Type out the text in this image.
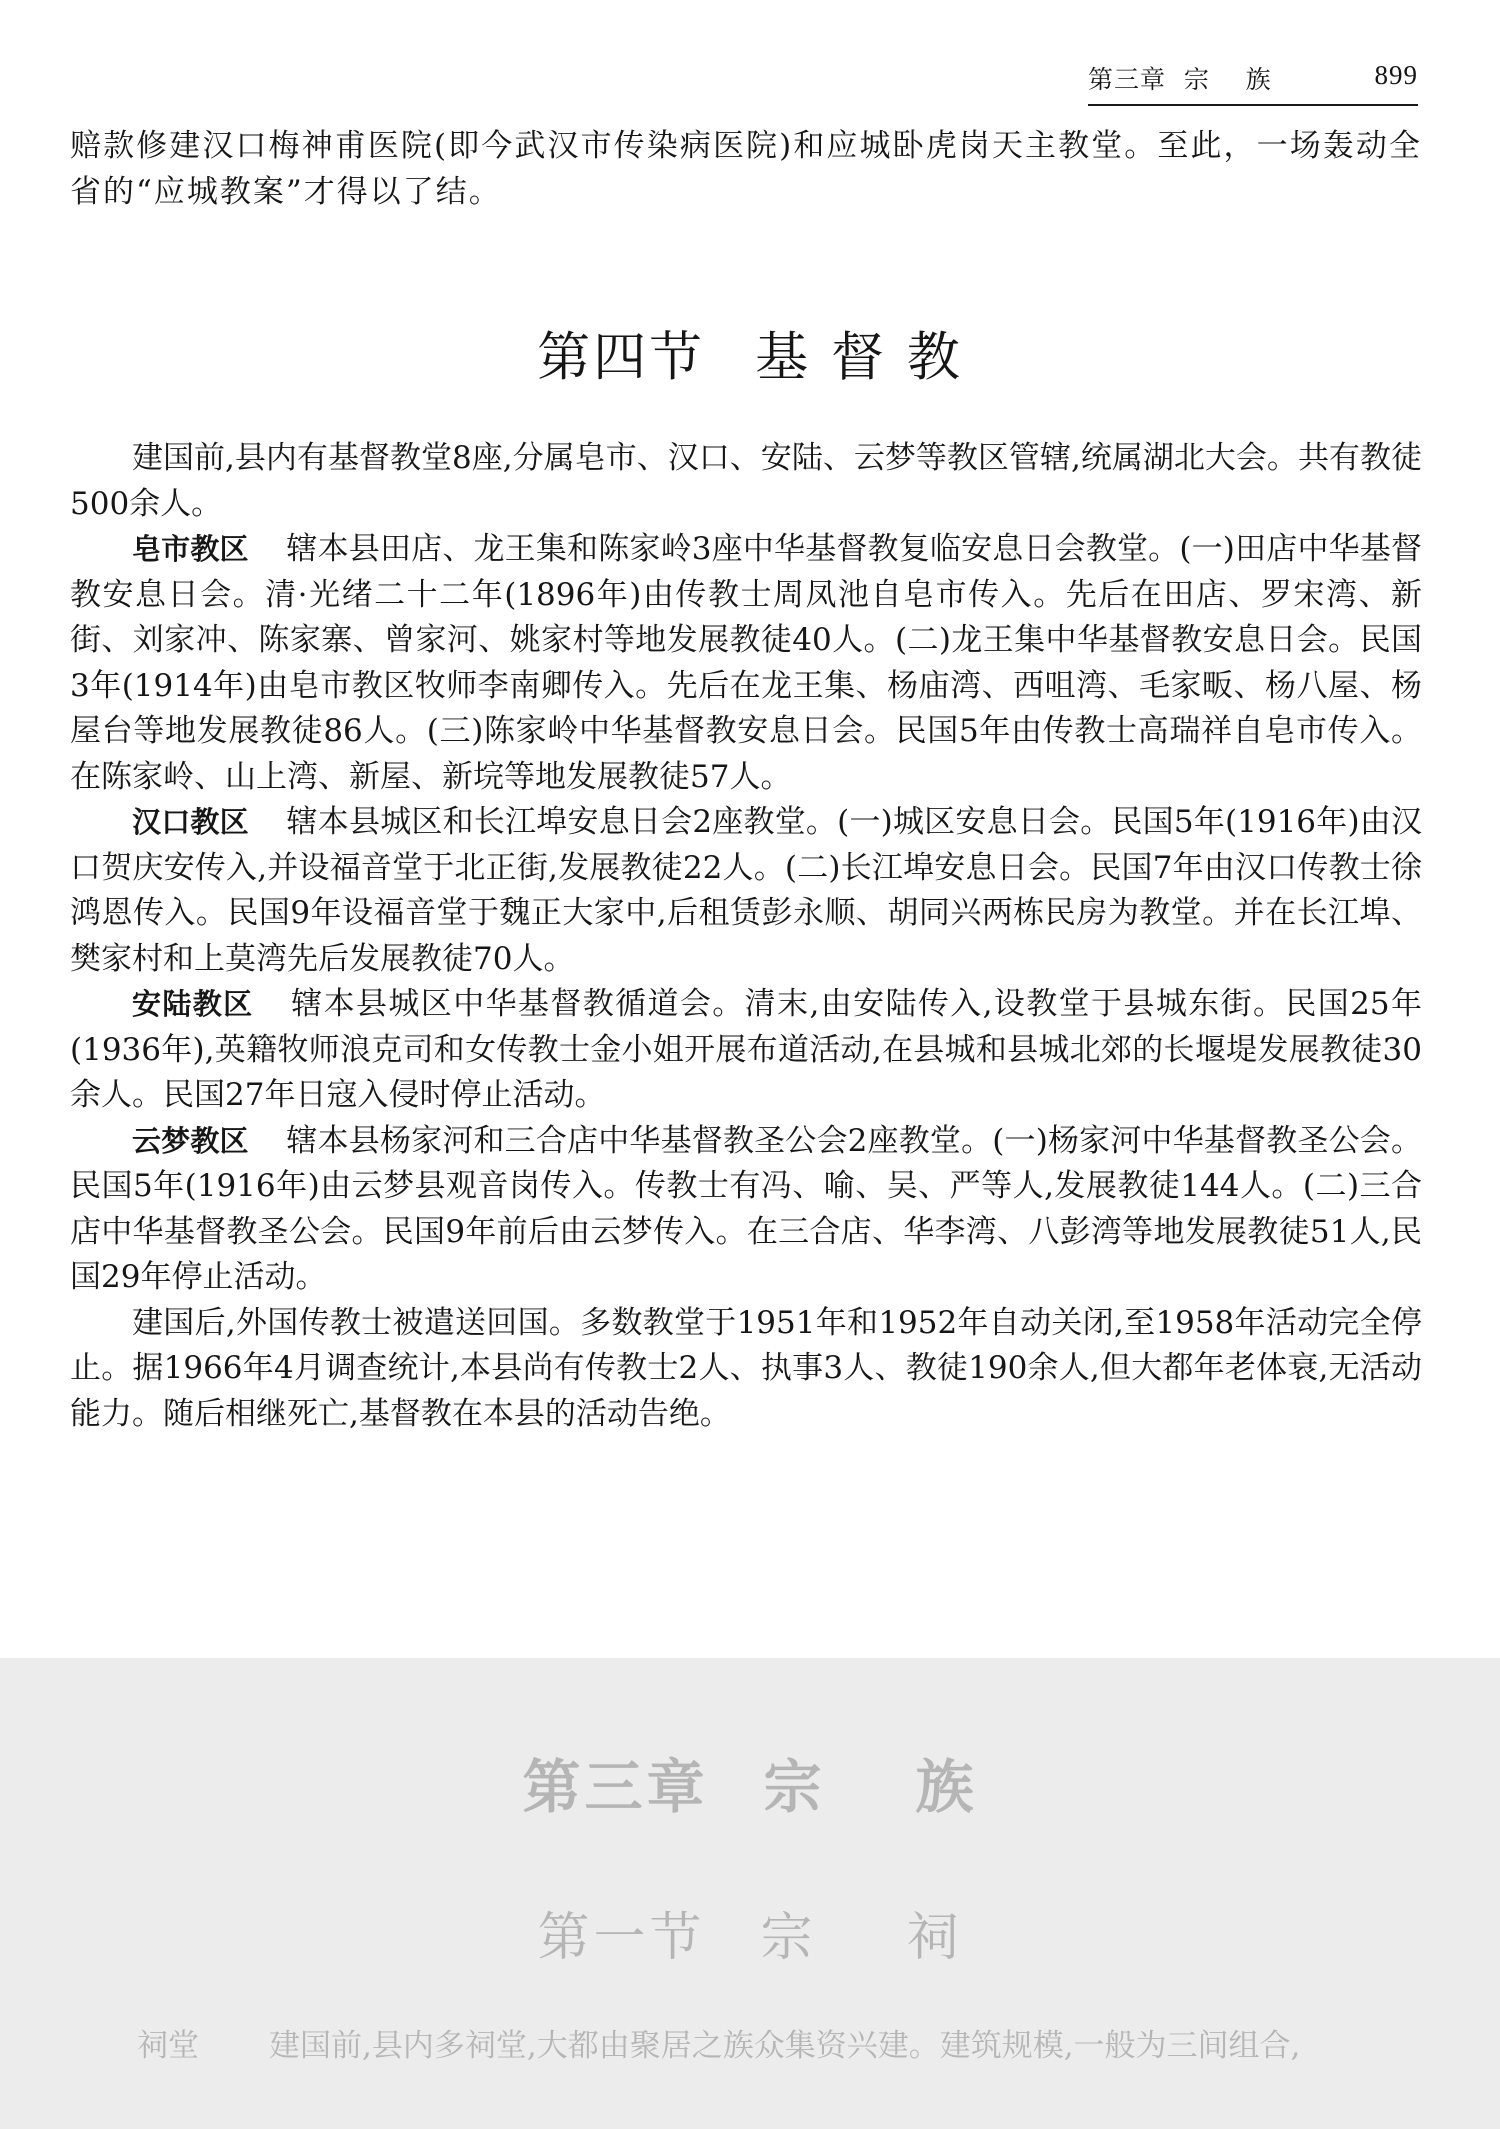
第三章  宗    族	899

赔款修建汉口梅神甫医院(即今武汉市传染病医院)和应城卧虎岗天主教堂。至此，一场轰动全省的“应城教案”才得以了结。

第四节 基 督 教

建国前,县内有基督教堂8座,分属皂市、汉口、安陆、云梦等教区管辖,统属湖北大会。共有教徒500余人。

皂市教区 辖本县田店、龙王集和陈家岭3座中华基督教复临安息日会教堂。(一)田店中华基督教安息日会。清·光绪二十二年(1896年)由传教士周凤池自皂市传入。先后在田店、罗宋湾、新街、刘家冲、陈家寨、曾家河、姚家村等地发展教徒40人。(二)龙王集中华基督教安息日会。民国3年(1914年)由皂市教区牧师李南卿传入。先后在龙王集、杨庙湾、西咀湾、毛家畈、杨八屋、杨屋台等地发展教徒86人。(三)陈家岭中华基督教安息日会。民国5年由传教士高瑞祥自皂市传入。在陈家岭、山上湾、新屋、新垸等地发展教徒57人。

汉口教区 辖本县城区和长江埠安息日会2座教堂。(一)城区安息日会。民国5年(1916年)由汉口贺庆安传入,并设福音堂于北正街,发展教徒22人。(二)长江埠安息日会。民国7年由汉口传教士徐鸿恩传入。民国9年设福音堂于魏正大家中,后租赁彭永顺、胡同兴两栋民房为教堂。并在长江埠、樊家村和上莫湾先后发展教徒70人。

安陆教区 辖本县城区中华基督教循道会。清末,由安陆传入,设教堂于县城东街。民国25年(1936年),英籍牧师浪克司和女传教士金小姐开展布道活动,在县城和县城北郊的长堰堤发展教徒30余人。民国27年日寇入侵时停止活动。

云梦教区 辖本县杨家河和三合店中华基督教圣公会2座教堂。(一)杨家河中华基督教圣公会。民国5年(1916年)由云梦县观音岗传入。传教士有冯、喻、吴、严等人,发展教徒144人。(二)三合店中华基督教圣公会。民国9年前后由云梦传入。在三合店、华李湾、八彭湾等地发展教徒51人,民国29年停止活动。

建国后,外国传教士被遣送回国。多数教堂于1951年和1952年自动关闭,至1958年活动完全停止。据1966年4月调查统计,本县尚有传教士2人、执事3人、教徒190余人,但大都年老体衰,无活动能力。随后相继死亡,基督教在本县的活动告绝。

第三章 宗 族
第一节 宗 祠
祠堂 建国前,县内多祠堂,大都由聚居之族众集资兴建。建筑规模,一般为三间组合,
